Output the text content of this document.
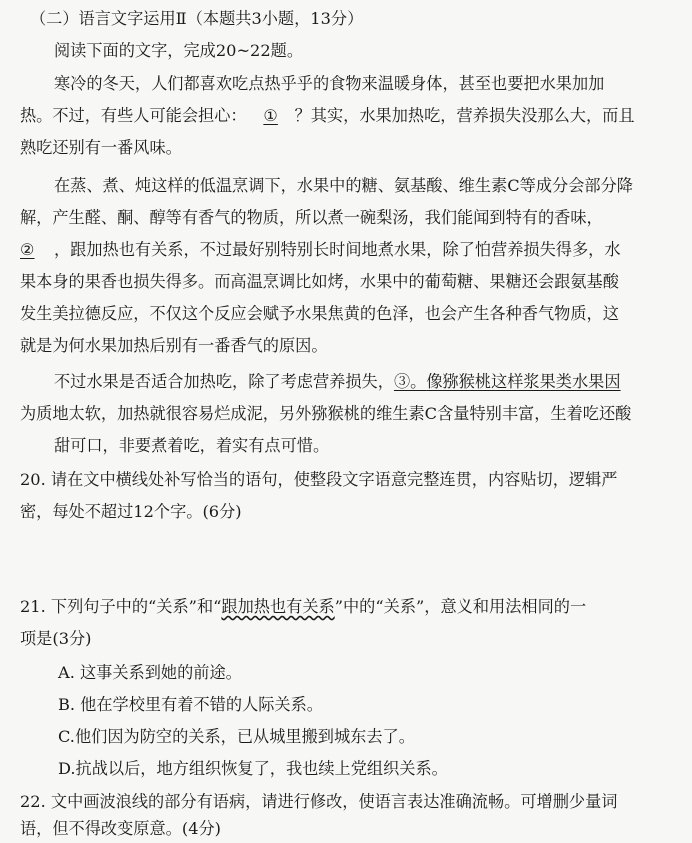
（二）语言文字运用Ⅱ（本题共3小题，13分）
阅读下面的文字，完成20~22题。
寒冷的冬天，人们都喜欢吃点热乎乎的食物来温暖身体，甚至也要把水果加加
热。不过，有些人可能会担心： ① ？其实，水果加热吃，营养损失没那么大，而且
熟吃还别有一番风味。
在蒸、煮、炖这样的低温烹调下，水果中的糖、氨基酸、维生素C等成分会部分降
解，产生醛、酮、醇等有香气的物质，所以煮一碗梨汤，我们能闻到特有的香味，
② ，跟加热也有关系，不过最好别特别长时间地煮水果，除了怕营养损失得多，水
果本身的果香也损失得多。而高温烹调比如烤，水果中的葡萄糖、果糖还会跟氨基酸
发生美拉德反应，不仅这个反应会赋予水果焦黄的色泽，也会产生各种香气物质，这
就是为何水果加热后别有一番香气的原因。
不过水果是否适合加热吃，除了考虑营养损失，③。像猕猴桃这样浆果类水果因
为质地太软，加热就很容易烂成泥，另外猕猴桃的维生素C含量特别丰富，生着吃还酸
甜可口，非要煮着吃，着实有点可惜。
20. 请在文中横线处补写恰当的语句，使整段文字语意完整连贯，内容贴切，逻辑严
密，每处不超过12个字。(6分)
21. 下列句子中的“关系”和“跟加热也有关系”中的“关系”，意义和用法相同的一
项是(3分)
A. 这事关系到她的前途。
B. 他在学校里有着不错的人际关系。
C.他们因为防空的关系，已从城里搬到城东去了。
D.抗战以后，地方组织恢复了，我也续上党组织关系。
22. 文中画波浪线的部分有语病，请进行修改，使语言表达准确流畅。可增删少量词
语，但不得改变原意。(4分)
